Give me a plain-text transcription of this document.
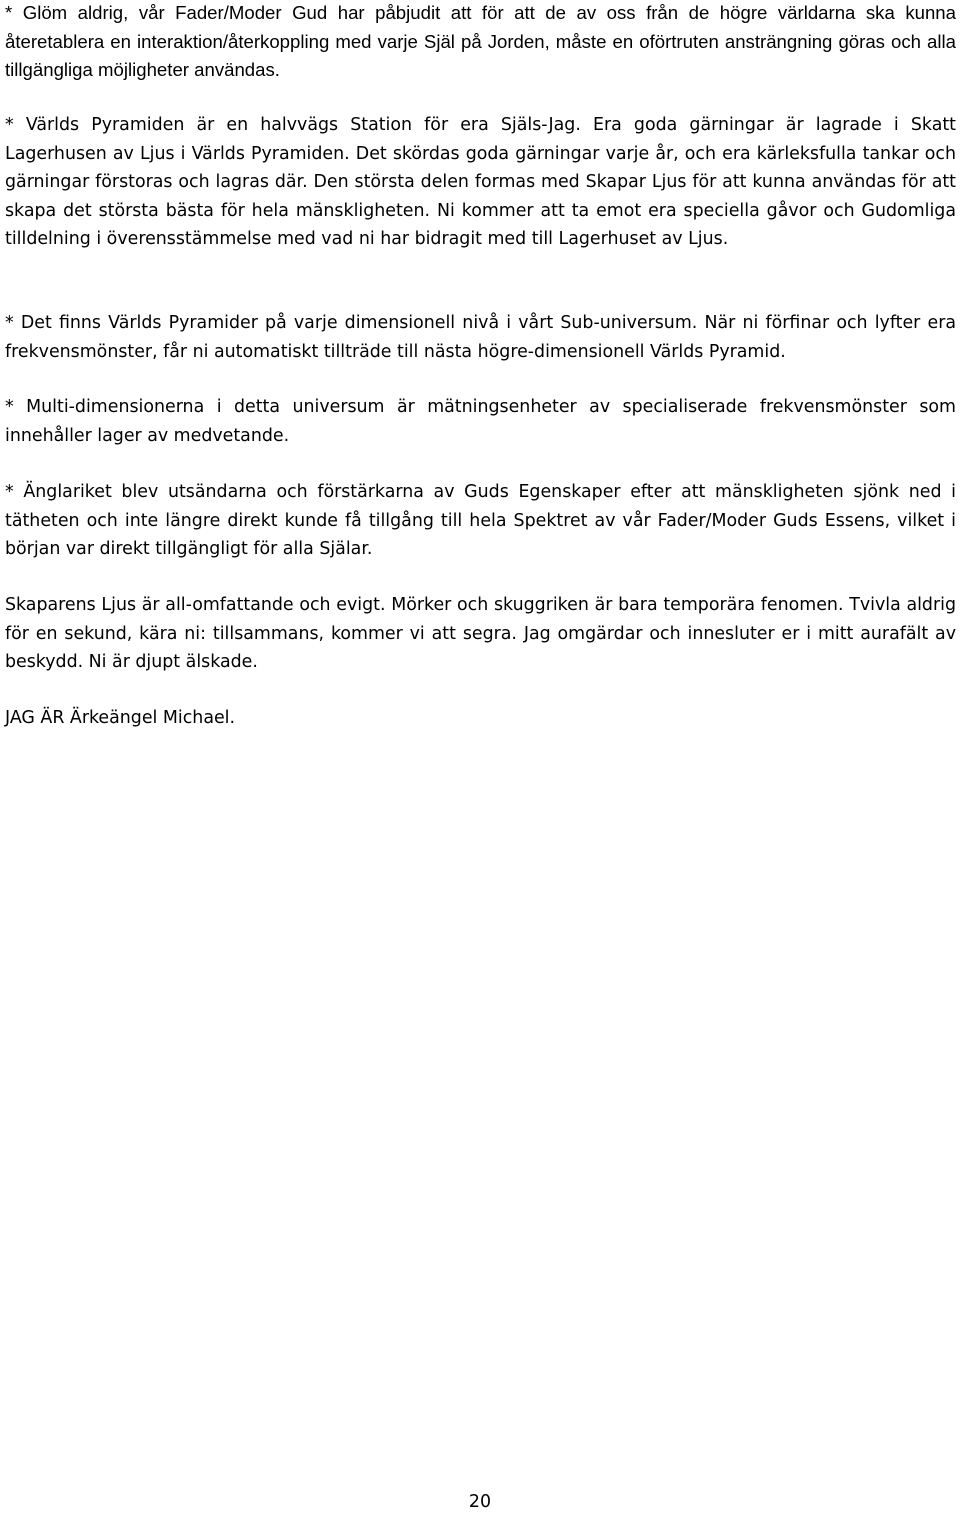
* Glöm aldrig, vår Fader/Moder Gud har påbjudit att för att de av oss från de högre världarna ska kunna återetablera en interaktion/återkoppling med varje Själ på Jorden, måste en oförtruten ansträngning göras och alla tillgängliga möjligheter användas.

* Världs Pyramiden är en halvvägs Station för era Själs-Jag. Era goda gärningar är lagrade i Skatt Lagerhusen av Ljus i Världs Pyramiden. Det skördas goda gärningar varje år, och era kärleksfulla tankar och gärningar förstoras och lagras där. Den största delen formas med Skapar Ljus för att kunna användas för att skapa det största bästa för hela mänskligheten. Ni kommer att ta emot era speciella gåvor och Gudomliga tilldelning i överensstämmelse med vad ni har bidragit med till Lagerhuset av Ljus.

* Det finns Världs Pyramider på varje dimensionell nivå i vårt Sub-universum. När ni förfinar och lyfter era frekvensmönster, får ni automatiskt tillträde till nästa högre-dimensionell Världs Pyramid.

* Multi-dimensionerna i detta universum är mätningsenheter av specialiserade frekvensmönster som innehåller lager av medvetande.

* Änglariket blev utsändarna och förstärkarna av Guds Egenskaper efter att mänskligheten sjönk ned i tätheten och inte längre direkt kunde få tillgång till hela Spektret av vår Fader/Moder Guds Essens, vilket i början var direkt tillgängligt för alla Själar.

Skaparens Ljus är all-omfattande och evigt. Mörker och skuggriken är bara temporära fenomen. Tvivla aldrig för en sekund, kära ni: tillsammans, kommer vi att segra. Jag omgärdar och innesluter er i mitt aurafält av beskydd. Ni är djupt älskade.

JAG ÄR Ärkeängel Michael.

20
